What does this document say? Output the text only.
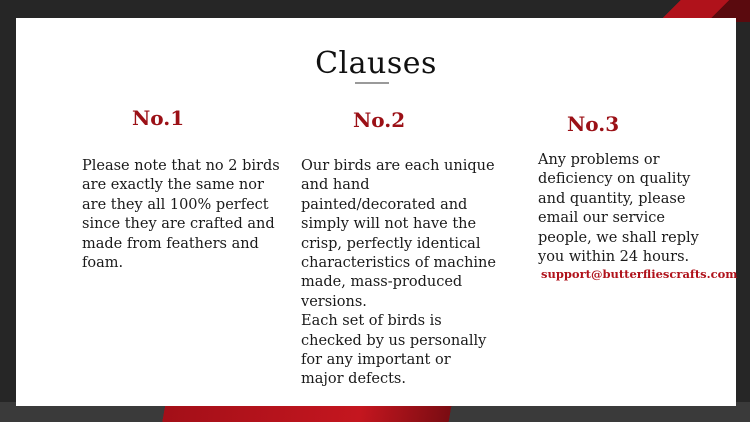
Clauses
No.1

Please note that no 2 birds are exactly the same nor are they all 100% perfect since they are crafted and made from feathers and foam.

No.2

Our birds are each unique and hand painted/decorated and simply will not have the crisp, perfectly identical characteristics of machine made, mass-produced versions.

Each set of birds is checked by us personally for any important or major defects.

No.3

Any problems or deficiency on quality and quantity, please email our service people, we shall reply you within 24 hours.

support@butterfliescrafts.com
